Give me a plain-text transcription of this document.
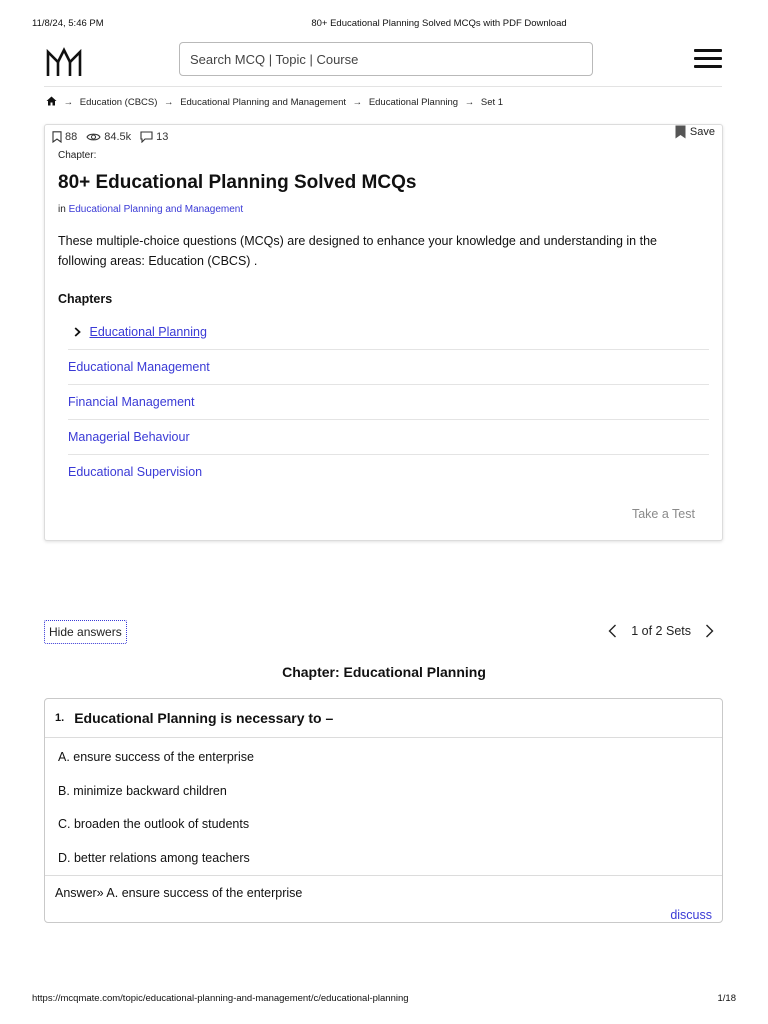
11/8/24, 5:46 PM	80+ Educational Planning Solved MCQs with PDF Download
Search MCQ | Topic | Course
→ Education (CBCS) → Educational Planning and Management → Educational Planning → Set 1
88 84.5k 13	Save
Chapter:
80+ Educational Planning Solved MCQs
in Educational Planning and Management

These multiple-choice questions (MCQs) are designed to enhance your knowledge and understanding in the following areas: Education (CBCS) .

Chapters
Educational Planning
Educational Management
Financial Management
Managerial Behaviour
Educational Supervision
Take a Test
Hide answers	1 of 2 Sets
Chapter: Educational Planning
1. Educational Planning is necessary to –
A. ensure success of the enterprise
B. minimize backward children
C. broaden the outlook of students
D. better relations among teachers
Answer» A. ensure success of the enterprise
discuss
https://mcqmate.com/topic/educational-planning-and-management/c/educational-planning	1/18
